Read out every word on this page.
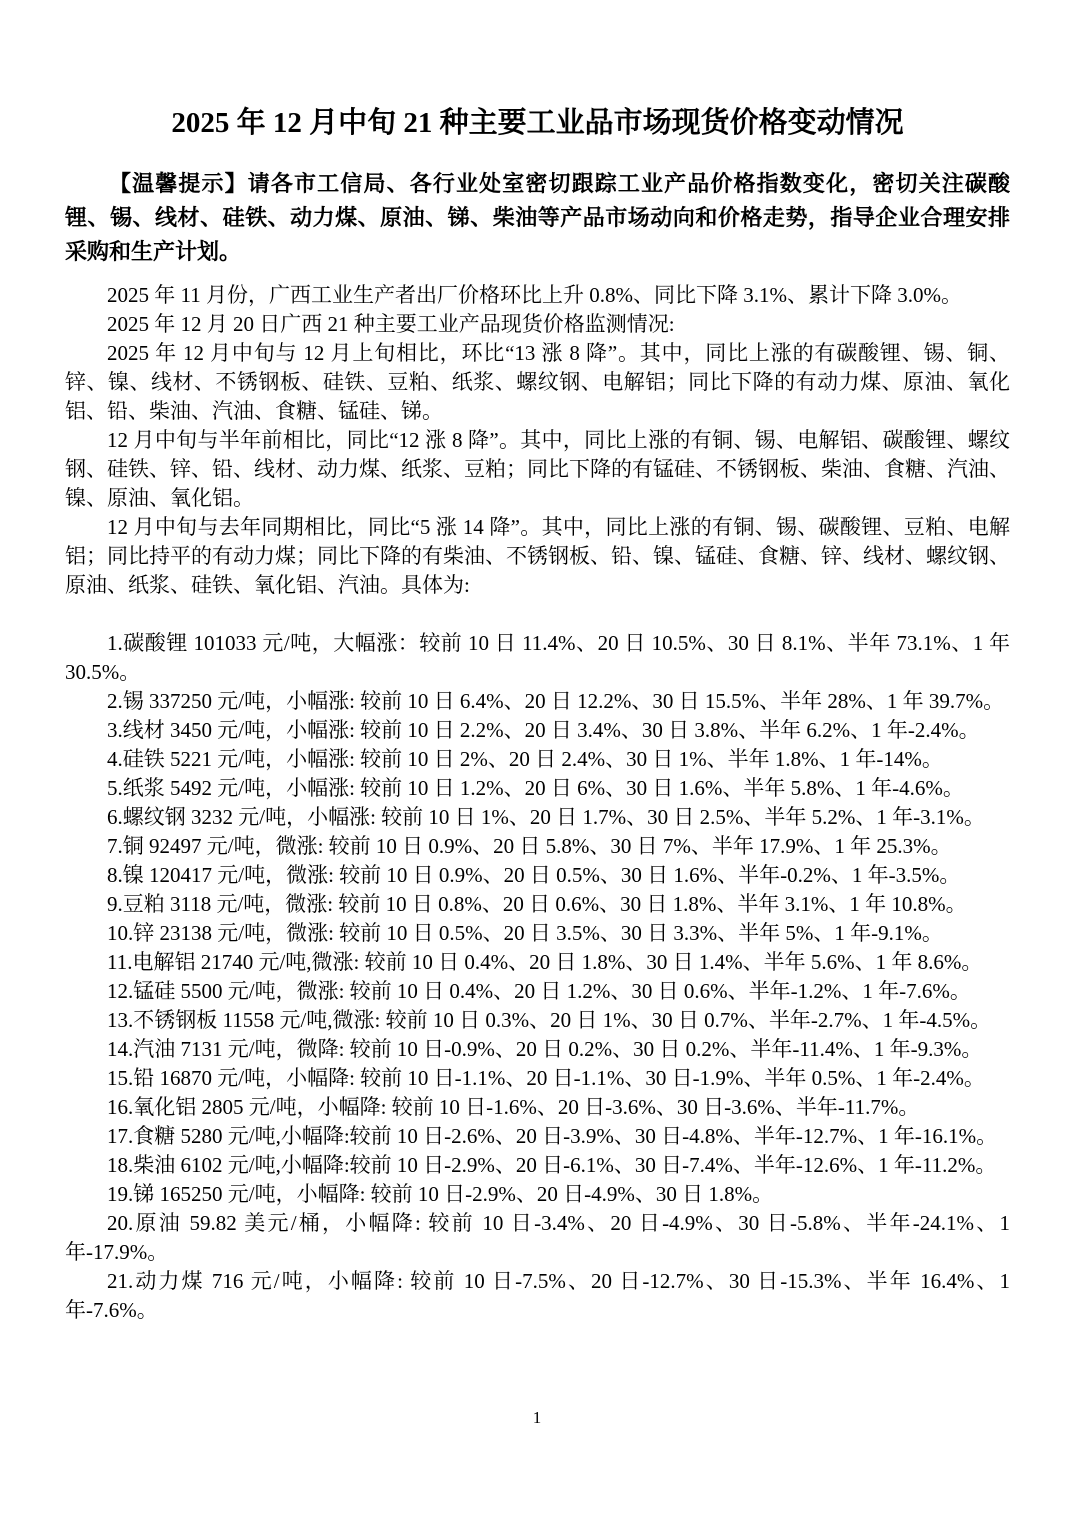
2025 年 12 月中旬 21 种主要工业品市场现货价格变动情况

【温馨提示】请各市工信局、各行业处室密切跟踪工业产品价格指数变化，密切关注碳酸锂、锡、线材、硅铁、动力煤、原油、锑、柴油等产品市场动向和价格走势，指导企业合理安排采购和生产计划。

2025 年 11 月份，广西工业生产者出厂价格环比上升 0.8%、同比下降 3.1%、累计下降 3.0%。

2025 年 12 月 20 日广西 21 种主要工业产品现货价格监测情况:

2025 年 12 月中旬与 12 月上旬相比，环比“13 涨 8 降”。其中，同比上涨的有碳酸锂、锡、铜、锌、镍、线材、不锈钢板、硅铁、豆粕、纸浆、螺纹钢、电解铝；同比下降的有动力煤、原油、氧化铝、铅、柴油、汽油、食糖、锰硅、锑。

12 月中旬与半年前相比，同比“12 涨 8 降”。其中，同比上涨的有铜、锡、电解铝、碳酸锂、螺纹钢、硅铁、锌、铅、线材、动力煤、纸浆、豆粕；同比下降的有锰硅、不锈钢板、柴油、食糖、汽油、镍、原油、氧化铝。

12 月中旬与去年同期相比，同比“5 涨 14 降”。其中，同比上涨的有铜、锡、碳酸锂、豆粕、电解铝；同比持平的有动力煤；同比下降的有柴油、不锈钢板、铅、镍、锰硅、食糖、锌、线材、螺纹钢、原油、纸浆、硅铁、氧化铝、汽油。具体为:

1.碳酸锂 101033 元/吨，大幅涨：较前 10 日 11.4%、20 日 10.5%、30 日 8.1%、半年 73.1%、1 年 30.5%。

2.锡 337250 元/吨，小幅涨: 较前 10 日 6.4%、20 日 12.2%、30 日 15.5%、半年 28%、1 年 39.7%。

3.线材 3450 元/吨，小幅涨: 较前 10 日 2.2%、20 日 3.4%、30 日 3.8%、半年 6.2%、1 年-2.4%。

4.硅铁 5221 元/吨，小幅涨: 较前 10 日 2%、20 日 2.4%、30 日 1%、半年 1.8%、1 年-14%。

5.纸浆 5492 元/吨，小幅涨: 较前 10 日 1.2%、20 日 6%、30 日 1.6%、半年 5.8%、1 年-4.6%。

6.螺纹钢 3232 元/吨，小幅涨: 较前 10 日 1%、20 日 1.7%、30 日 2.5%、半年 5.2%、1 年-3.1%。

7.铜 92497 元/吨，微涨: 较前 10 日 0.9%、20 日 5.8%、30 日 7%、半年 17.9%、1 年 25.3%。

8.镍 120417 元/吨，微涨: 较前 10 日 0.9%、20 日 0.5%、30 日 1.6%、半年-0.2%、1 年-3.5%。

9.豆粕 3118 元/吨，微涨: 较前 10 日 0.8%、20 日 0.6%、30 日 1.8%、半年 3.1%、1 年 10.8%。

10.锌 23138 元/吨，微涨: 较前 10 日 0.5%、20 日 3.5%、30 日 3.3%、半年 5%、1 年-9.1%。

11.电解铝 21740 元/吨,微涨: 较前 10 日 0.4%、20 日 1.8%、30 日 1.4%、半年 5.6%、1 年 8.6%。

12.锰硅 5500 元/吨，微涨: 较前 10 日 0.4%、20 日 1.2%、30 日 0.6%、半年-1.2%、1 年-7.6%。

13.不锈钢板 11558 元/吨,微涨: 较前 10 日 0.3%、20 日 1%、30 日 0.7%、半年-2.7%、1 年-4.5%。

14.汽油 7131 元/吨，微降: 较前 10 日-0.9%、20 日 0.2%、30 日 0.2%、半年-11.4%、1 年-9.3%。

15.铅 16870 元/吨，小幅降: 较前 10 日-1.1%、20 日-1.1%、30 日-1.9%、半年 0.5%、1 年-2.4%。

16.氧化铝 2805 元/吨，小幅降: 较前 10 日-1.6%、20 日-3.6%、30 日-3.6%、半年-11.7%。

17.食糖 5280 元/吨,小幅降:较前 10 日-2.6%、20 日-3.9%、30 日-4.8%、半年-12.7%、1 年-16.1%。

18.柴油 6102 元/吨,小幅降:较前 10 日-2.9%、20 日-6.1%、30 日-7.4%、半年-12.6%、1 年-11.2%。

19.锑 165250 元/吨，小幅降: 较前 10 日-2.9%、20 日-4.9%、30 日 1.8%。

20.原油 59.82 美元/桶，小幅降: 较前 10 日-3.4%、20 日-4.9%、30 日-5.8%、半年-24.1%、1 年-17.9%。

21.动力煤 716 元/吨，小幅降: 较前 10 日-7.5%、20 日-12.7%、30 日-15.3%、半年 16.4%、1 年-7.6%。

1
